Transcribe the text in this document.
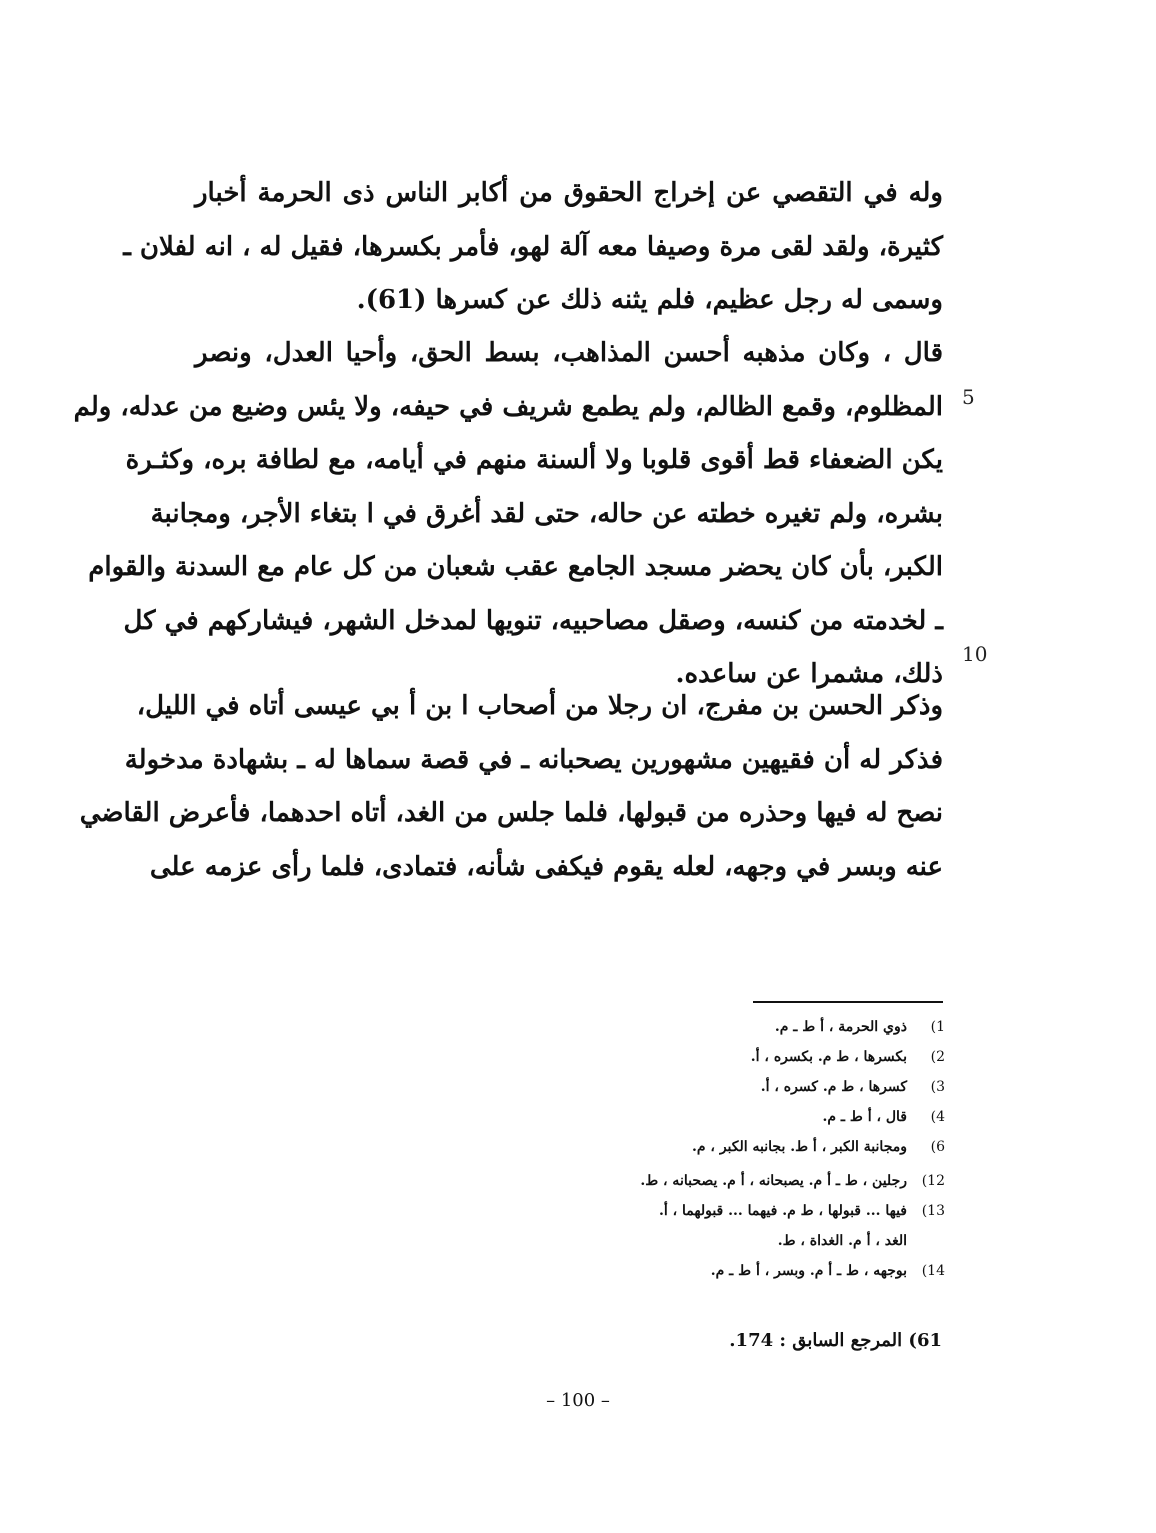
وله في التقصي عن إخراج الحقوق من أكابر الناس ذى الحرمة أخبار
كثيرة، ولقد لقى مرة وصيفا معه آلة لهو، فأمر بكسرها، فقيل له ، انه لفلان ـ
وسمى له رجل عظيم، فلم يثنه ذلك عن كسرها (61).
قال ، وكان مذهبه أحسن المذاهب، بسط الحق، وأحيا العدل، ونصر
المظلوم، وقمع الظالم، ولم يطمع شريف في حيفه، ولا يئس وضيع من عدله، ولم
يكن الضعفاء قط أقوى قلوبا ولا ألسنة منهم في أيامه، مع لطافة بره، وكثـرة
بشره، ولم تغيره خطته عن حاله، حتى لقد أغرق في ا بتغاء الأجر، ومجانبة
الكبر، بأن كان يحضر مسجد الجامع عقب شعبان من كل عام مع السدنة والقوام
ـ لخدمته من كنسه، وصقل مصاحبيه، تنويها لمدخل الشهر، فيشاركهم في كل
ذلك، مشمرا عن ساعده.
5
10
وذكر الحسن بن مفرج، ان رجلا من أصحاب ا بن أ بي عيسى أتاه في الليل،
فذكر له أن فقيهين مشهورين يصحبانه ـ في قصة سماها له ـ بشهادة مدخولة
نصح له فيها وحذره من قبولها، فلما جلس من الغد، أتاه احدهما، فأعرض القاضي
عنه وبسر في وجهه، لعله يقوم فيكفى شأنه، فتمادى، فلما رأى عزمه على
1)ذوي الحرمة ، أ ط ـ م.
2)بكسرها ، ط م. بكسره ، أ.
3)كسرها ، ط م. كسره ، أ.
4)قال ، أ ط ـ م.
6)ومجانبة الكبر ، أ ط. بجانبه الكبر ، م.
12)رجلين ، ط ـ أ م. يصبحانه ، أ م. يصحبانه ، ط.
13)فيها ... قبولها ، ط م. فيهما ... قبولهما ، أ.
الغد ، أ م. الغداة ، ط.
14)بوجهه ، ط ـ أ م. وبسر ، أ ط ـ م.
61) المرجع السابق : 174.
– 100 –
